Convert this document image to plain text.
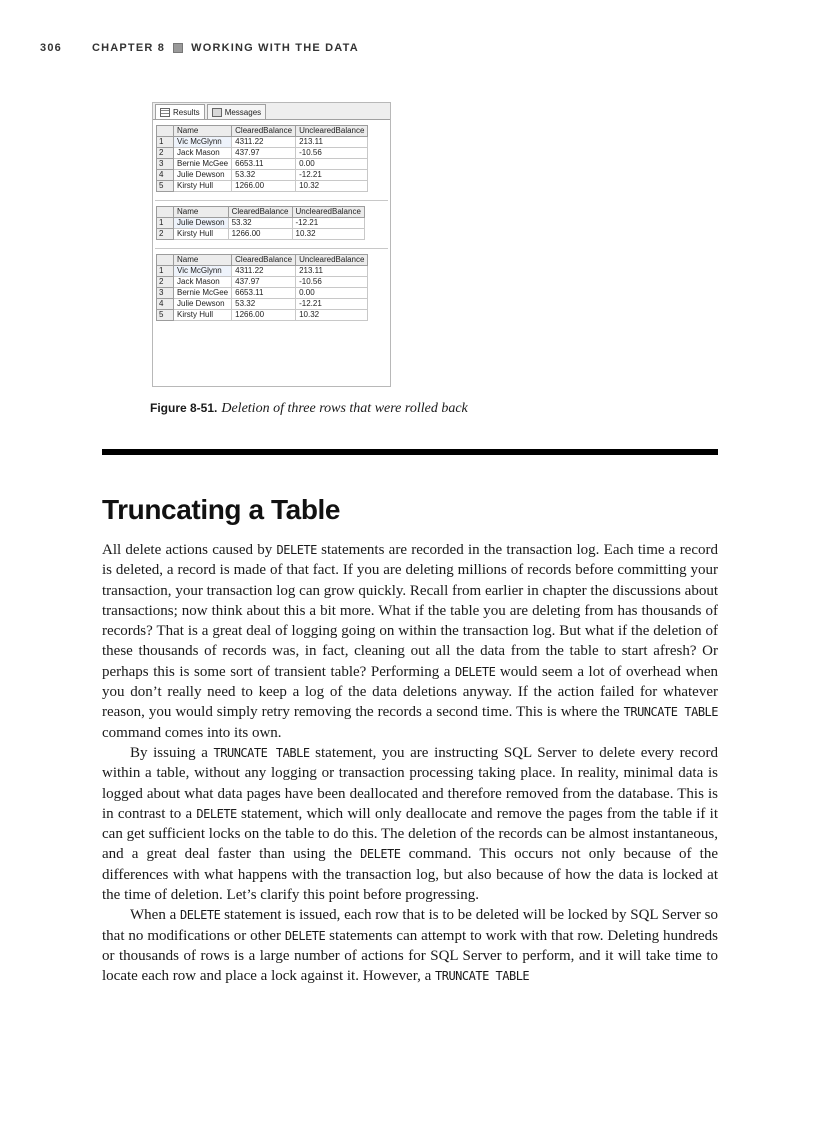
306	CHAPTER 8 WORKING WITH THE DATA
Results	Messages
	Name	ClearedBalance	UnclearedBalance
1	Vic McGlynn	4311.22	213.11
2	Jack Mason	437.97	-10.56
3	Bernie McGee	6653.11	0.00
4	Julie Dewson	53.32	-12.21
5	Kirsty Hull	1266.00	10.32
	Name	ClearedBalance	UnclearedBalance
1	Julie Dewson	53.32	-12.21
2	Kirsty Hull	1266.00	10.32
	Name	ClearedBalance	UnclearedBalance
1	Vic McGlynn	4311.22	213.11
2	Jack Mason	437.97	-10.56
3	Bernie McGee	6653.11	0.00
4	Julie Dewson	53.32	-12.21
5	Kirsty Hull	1266.00	10.32
Figure 8-51. Deletion of three rows that were rolled back
Truncating a Table

All delete actions caused by DELETE statements are recorded in the transaction log. Each time a record is deleted, a record is made of that fact. If you are deleting millions of records before committing your transaction, your transaction log can grow quickly. Recall from earlier in chapter the discussions about transactions; now think about this a bit more. What if the table you are deleting from has thousands of records? That is a great deal of logging going on within the transaction log. But what if the deletion of these thousands of records was, in fact, cleaning out all the data from the table to start afresh? Or perhaps this is some sort of transient table? Performing a DELETE would seem a lot of overhead when you don’t really need to keep a log of the data deletions anyway. If the action failed for whatever reason, you would simply retry removing the records a second time. This is where the TRUNCATE TABLE command comes into its own.

By issuing a TRUNCATE TABLE statement, you are instructing SQL Server to delete every record within a table, without any logging or transaction processing taking place. In reality, minimal data is logged about what data pages have been deallocated and therefore removed from the database. This is in contrast to a DELETE statement, which will only deallocate and remove the pages from the table if it can get sufficient locks on the table to do this. The deletion of the records can be almost instantaneous, and a great deal faster than using the DELETE command. This occurs not only because of the differences with what happens with the transaction log, but also because of how the data is locked at the time of deletion. Let’s clarify this point before progressing.

When a DELETE statement is issued, each row that is to be deleted will be locked by SQL Server so that no modifications or other DELETE statements can attempt to work with that row. Deleting hundreds or thousands of rows is a large number of actions for SQL Server to perform, and it will take time to locate each row and place a lock against it. However, a TRUNCATE TABLE
